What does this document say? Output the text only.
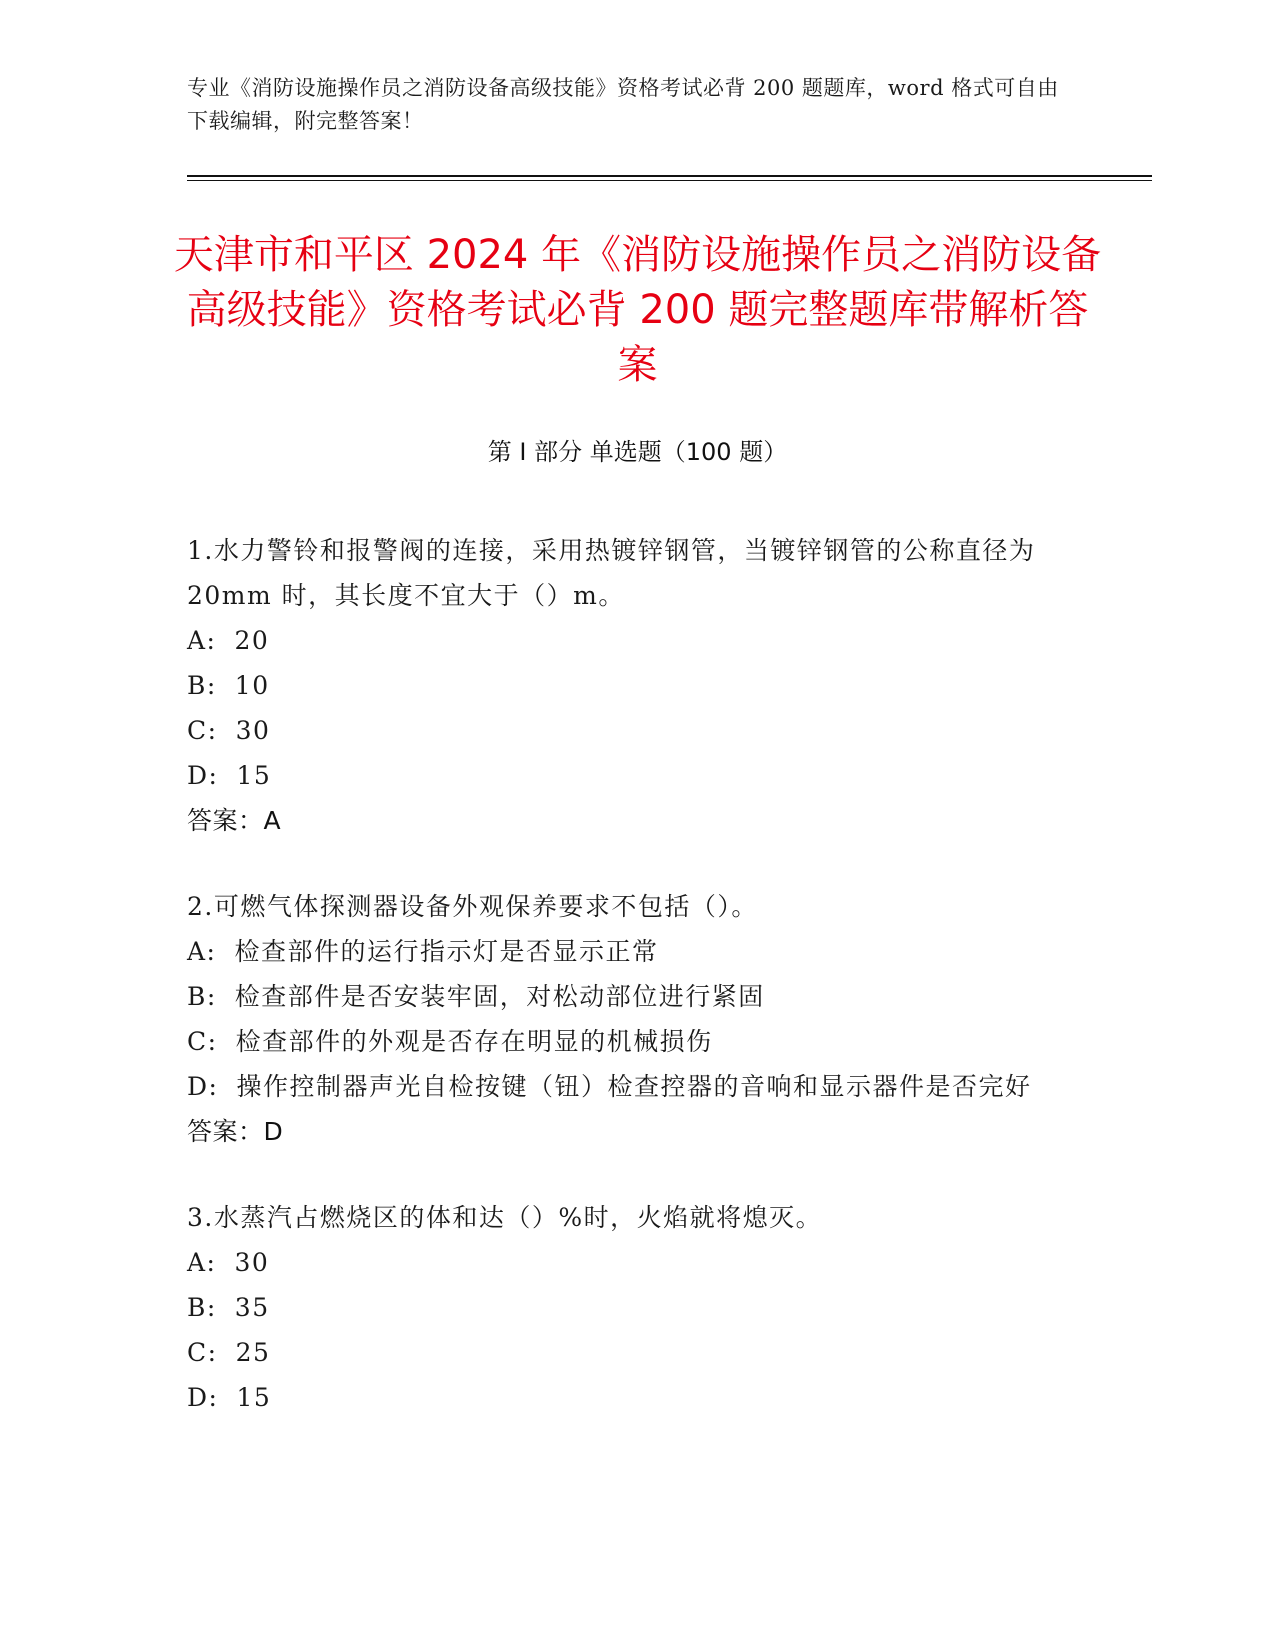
专业《消防设施操作员之消防设备高级技能》资格考试必背 200 题题库，word 格式可自由下载编辑，附完整答案！
天津市和平区 2024 年《消防设施操作员之消防设备高级技能》资格考试必背 200 题完整题库带解析答案
第 I 部分 单选题（100 题）
1.水力警铃和报警阀的连接，采用热镀锌钢管，当镀锌钢管的公称直径为 20mm 时，其长度不宜大于（）m。
A: 20
B: 10
C: 30
D: 15
答案：A
2.可燃气体探测器设备外观保养要求不包括（）。
A: 检查部件的运行指示灯是否显示正常
B: 检查部件是否安装牢固，对松动部位进行紧固
C: 检查部件的外观是否存在明显的机械损伤
D: 操作控制器声光自检按键（钮）检查控器的音响和显示器件是否完好
答案：D
3.水蒸汽占燃烧区的体和达（）%时，火焰就将熄灭。
A: 30
B: 35
C: 25
D: 15
